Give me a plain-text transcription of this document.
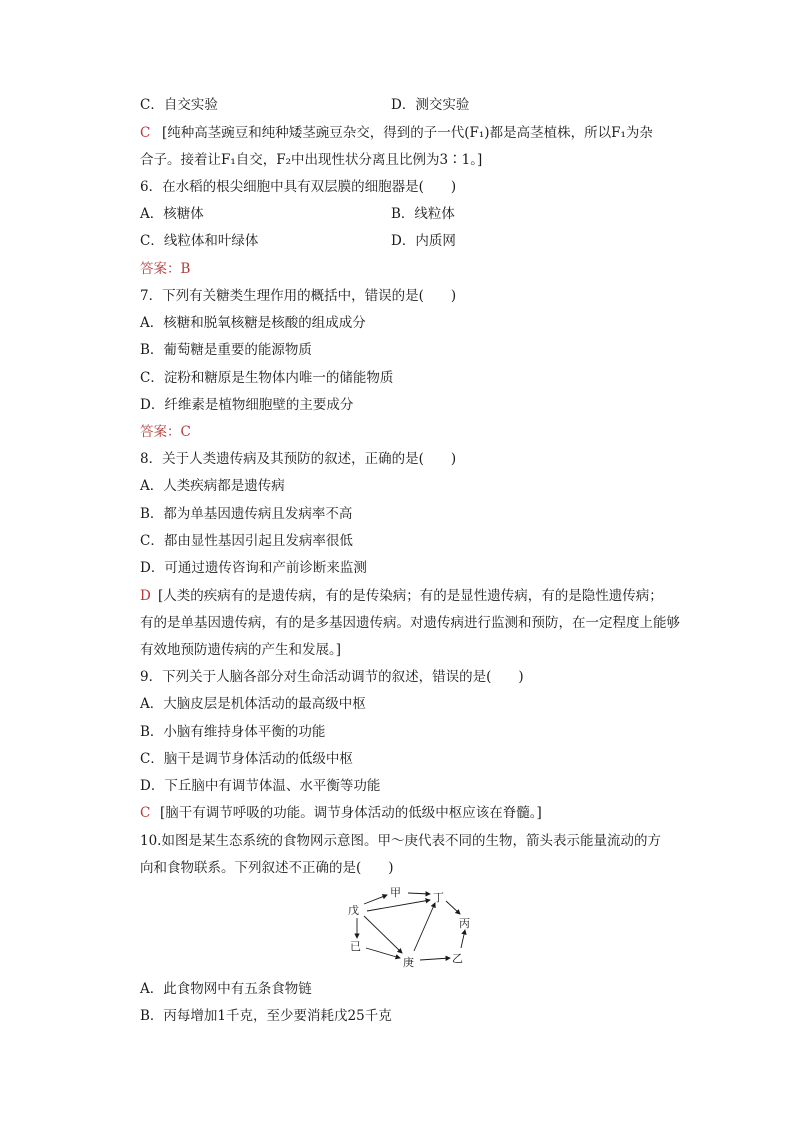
C．自交实验	D．测交实验
C [纯种高茎豌豆和纯种矮茎豌豆杂交，得到的子一代(F₁)都是高茎植株，所以F₁为杂
合子。接着让F₁自交，F₂中出现性状分离且比例为3∶1。]
6．在水稻的根尖细胞中具有双层膜的细胞器是(　　)
A．核糖体	B．线粒体
C．线粒体和叶绿体	D．内质网
答案：B
7．下列有关糖类生理作用的概括中，错误的是(　　)
A．核糖和脱氧核糖是核酸的组成成分
B．葡萄糖是重要的能源物质
C．淀粉和糖原是生物体内唯一的储能物质
D．纤维素是植物细胞壁的主要成分
答案：C
8．关于人类遗传病及其预防的叙述，正确的是(　　)
A．人类疾病都是遗传病
B．都为单基因遗传病且发病率不高
C．都由显性基因引起且发病率很低
D．可通过遗传咨询和产前诊断来监测
D [人类的疾病有的是遗传病，有的是传染病；有的是显性遗传病，有的是隐性遗传病；
有的是单基因遗传病，有的是多基因遗传病。对遗传病进行监测和预防，在一定程度上能够
有效地预防遗传病的产生和发展。]
9．下列关于人脑各部分对生命活动调节的叙述，错误的是(　　)
A．大脑皮层是机体活动的最高级中枢
B．小脑有维持身体平衡的功能
C．脑干是调节身体活动的低级中枢
D．下丘脑中有调节体温、水平衡等功能
C [脑干有调节呼吸的功能。调节身体活动的低级中枢应该在脊髓。]
10.如图是某生态系统的食物网示意图。甲～庚代表不同的生物，箭头表示能量流动的方
向和食物联系。下列叙述不正确的是(　　)
甲	丁
戊
丙
已
庚	乙
A．此食物网中有五条食物链
B．丙每增加1千克，至少要消耗戊25千克
